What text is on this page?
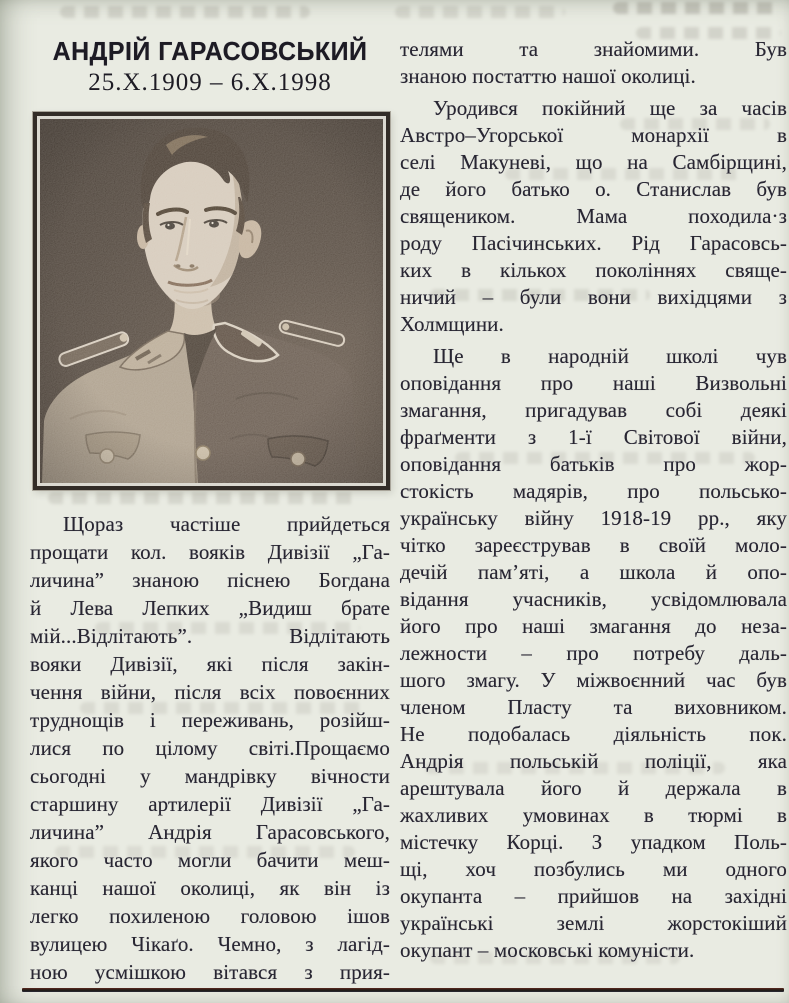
АНДРІЙ ГАРАСОВСЬКИЙ
25.X.1909 – 6.X.1998
Щораз частіше прийдеться
прощати кол. вояків Дивізії „Га-
личина” знаною піснею Богдана
й Лева Лепких „Видиш брате
мій...Відлітають”. Відлітають
вояки Дивізії, які після закін-
чення війни, після всіх повоєнних
труднощів і переживань, розійш-
лися по цілому світі.Прощаємо
сьогодні у мандрівку вічности
старшину артилерії Дивізії „Га-
личина” Андрія Гарасовського,
якого часто могли бачити меш-
канці нашої околиці, як він із
легко похиленою головою ішов
вулицею Чікаґо. Чемно, з лагід-
ною усмішкою вітався з прия-
телями та знайомими. Був
знаною постаттю нашої околиці.
Уродився покійний ще за часів
Австро–Угорської монархії в
селі Макуневі, що на Самбірщині,
де його батько о. Станислав був
священиком. Мама походила·з
роду Пасічинських. Рід Гарасовсь-
ких в кількох поколіннях свяще-
ничий – були вони вихідцями з
Холмщини.
Ще в народній школі чув
оповідання про наші Визвольні
змагання, пригадував собі деякі
фраґменти з 1-ї Світової війни,
оповідання батьків про жор-
стокість мадярів, про польсько-
українську війну 1918-19 рр., яку
чітко зареєстрував в свoїй моло-
дечій пам’яті, а школа й опо-
відання учасників, усвідомлювала
його про наші змагання до неза-
лежности – про потребу даль-
шого змагу. У міжвоєнний час був
членом Пласту та виховником.
Не подобалась діяльність пок.
Андрія польській поліції, яка
арештувала його й держала в
жахливих умовинах в тюрмі в
містечку Корці. З упадком Поль-
щі, хоч позбулись ми одного
окупанта – прийшов на західні
українські землі жорстокіший
окупант – московські комуністи.
